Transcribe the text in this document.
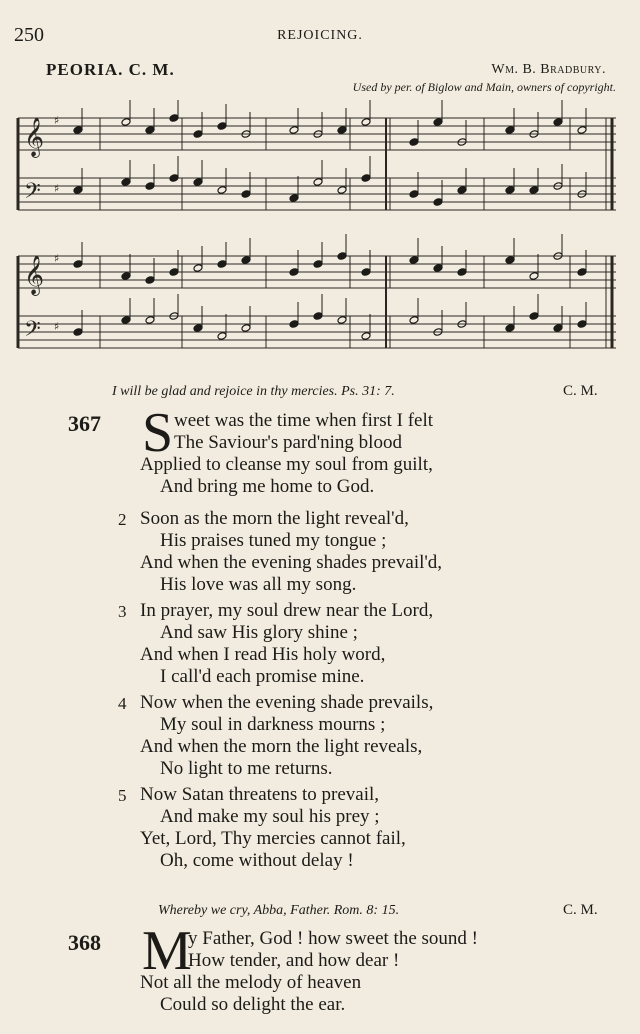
250	REJOICING.
PEORIA. C. M.	Wm. B. Bradbury.
Used by per. of Biglow and Main, owners of copyright.
𝄞
𝄢
𝄞
𝄢
♯
♯
♯
♯
I will be glad and rejoice in thy mercies. Ps. 31: 7.	C. M.
367 S weet was the time when first I felt
The Saviour's pard'ning blood
Applied to cleanse my soul from guilt,
And bring me home to God.
2 Soon as the morn the light reveal'd,
His praises tuned my tongue ;
And when the evening shades prevail'd,
His love was all my song.
3 In prayer, my soul drew near the Lord,
And saw His glory shine ;
And when I read His holy word,
I call'd each promise mine.
4 Now when the evening shade prevails,
My soul in darkness mourns ;
And when the morn the light reveals,
No light to me returns.
5 Now Satan threatens to prevail,
And make my soul his prey ;
Yet, Lord, Thy mercies cannot fail,
Oh, come without delay !
Whereby we cry, Abba, Father. Rom. 8: 15.	C. M.
368 M
y Father, God ! how sweet the sound !
How tender, and how dear !
Not all the melody of heaven
Could so delight the ear.
